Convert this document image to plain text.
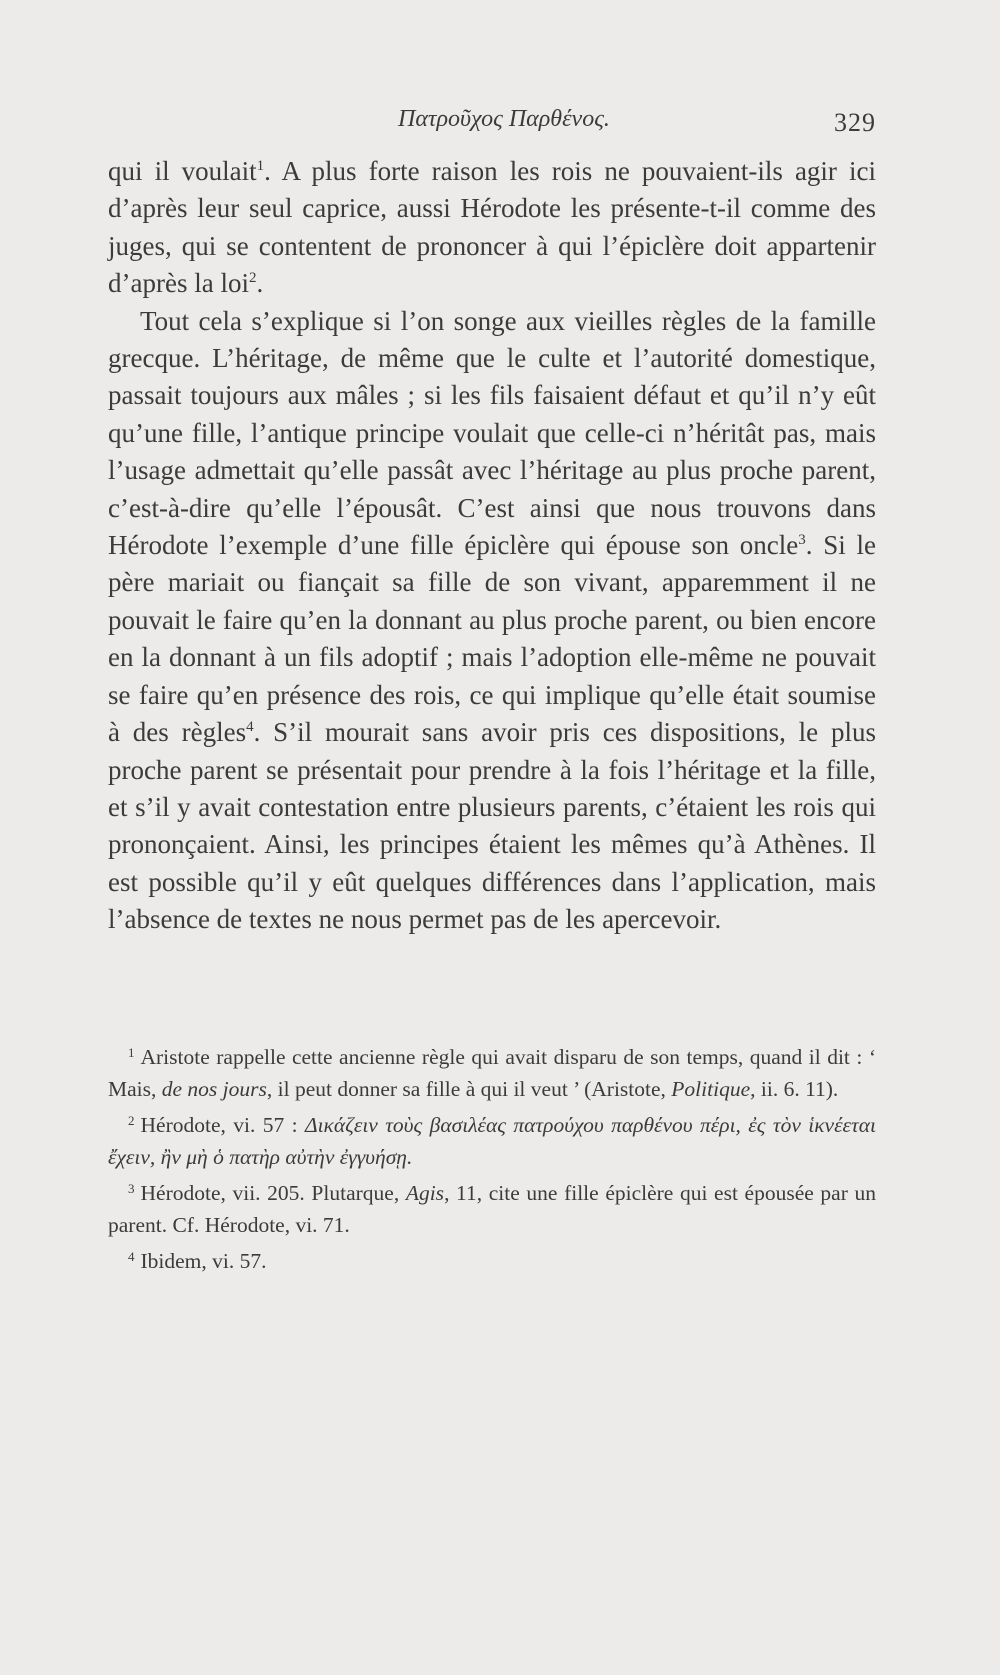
Πατροῦχος Παρθένος.	329

qui il voulait$^1$. A plus forte raison les rois ne pouvaient-ils agir ici d’après leur seul caprice, aussi Hérodote les présente-t-il comme des juges, qui se contentent de prononcer à qui l’épiclère doit appartenir d’après la loi$^2$.

Tout cela s’explique si l’on songe aux vieilles règles de la famille grecque. L’héritage, de même que le culte et l’autorité domestique, passait toujours aux mâles ; si les fils faisaient défaut et qu’il n’y eût qu’une fille, l’antique principe voulait que celle-ci n’héritât pas, mais l’usage admettait qu’elle passât avec l’héritage au plus proche parent, c’est-à-dire qu’elle l’épousât. C’est ainsi que nous trouvons dans Hérodote l’exemple d’une fille épiclère qui épouse son oncle$^3$. Si le père mariait ou fiançait sa fille de son vivant, apparemment il ne pouvait le faire qu’en la donnant au plus proche parent, ou bien encore en la donnant à un fils adoptif ; mais l’adoption elle-même ne pouvait se faire qu’en présence des rois, ce qui implique qu’elle était soumise à des règles$^4$. S’il mourait sans avoir pris ces dispositions, le plus proche parent se présentait pour prendre à la fois l’héritage et la fille, et s’il y avait contestation entre plusieurs parents, c’étaient les rois qui prononçaient. Ainsi, les principes étaient les mêmes qu’à Athènes. Il est possible qu’il y eût quelques différences dans l’application, mais l’absence de textes ne nous permet pas de les apercevoir.

$^1$ Aristote rappelle cette ancienne règle qui avait disparu de son temps, quand il dit : ‘ Mais, de nos jours, il peut donner sa fille à qui il veut ’ (Aristote, Politique, ii. 6. 11).

$^2$ Hérodote, vi. 57 : Δικάζειν τοὺς βασιλέας πατρούχου παρθένου πέρι, ἐς τὸν ἱκνέεται ἔχειν, ἢν μὴ ὁ πατὴρ αὐτὴν ἐγγυήσῃ.

$^3$ Hérodote, vii. 205. Plutarque, Agis, 11, cite une fille épiclère qui est épousée par un parent. Cf. Hérodote, vi. 71.

$^4$ Ibidem, vi. 57.
